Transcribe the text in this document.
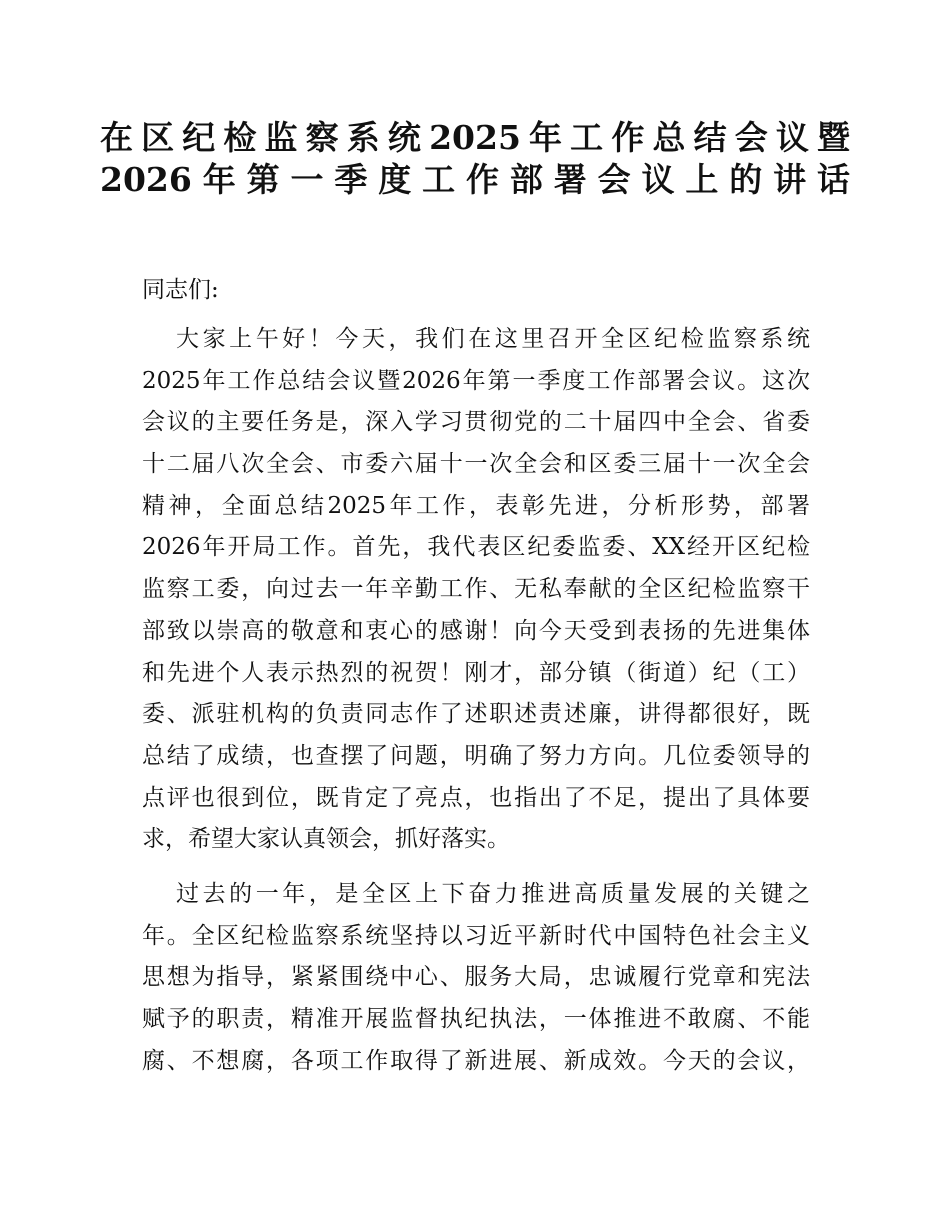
在区纪检监察系统2025年工作总结会议暨
2026年第一季度工作部署会议上的讲话

同志们:

大家上午好！今天，我们在这里召开全区纪检监察系统
2025年工作总结会议暨2026年第一季度工作部署会议。这次
会议的主要任务是，深入学习贯彻党的二十届四中全会、省委
十二届八次全会、市委六届十一次全会和区委三届十一次全会
精神，全面总结2025年工作，表彰先进，分析形势，部署
2026年开局工作。首先，我代表区纪委监委、XX经开区纪检
监察工委，向过去一年辛勤工作、无私奉献的全区纪检监察干
部致以崇高的敬意和衷心的感谢！向今天受到表扬的先进集体
和先进个人表示热烈的祝贺！刚才，部分镇（街道）纪（工）
委、派驻机构的负责同志作了述职述责述廉，讲得都很好，既
总结了成绩，也查摆了问题，明确了努力方向。几位委领导的
点评也很到位，既肯定了亮点，也指出了不足，提出了具体要
求，希望大家认真领会，抓好落实。
过去的一年，是全区上下奋力推进高质量发展的关键之
年。全区纪检监察系统坚持以习近平新时代中国特色社会主义
思想为指导，紧紧围绕中心、服务大局，忠诚履行党章和宪法
赋予的职责，精准开展监督执纪执法，一体推进不敢腐、不能
腐、不想腐，各项工作取得了新进展、新成效。今天的会议，
